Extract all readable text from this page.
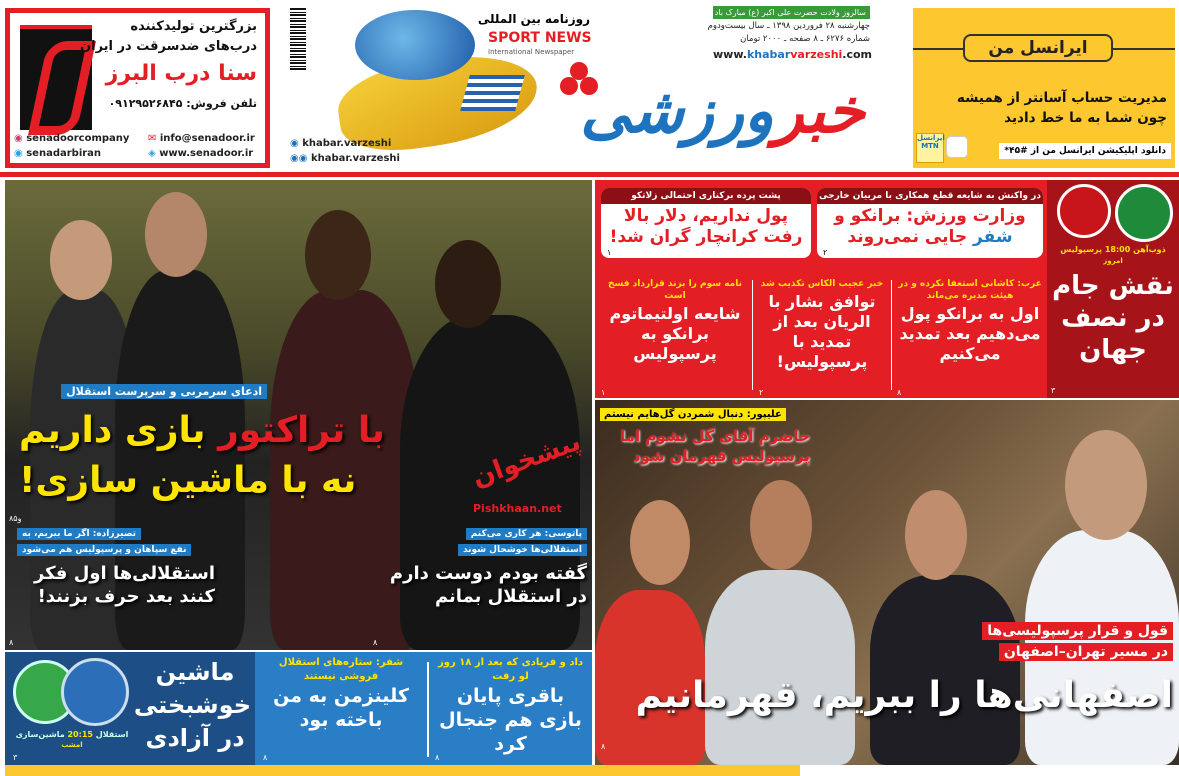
بزرگترین تولیدکننده
درب‌های ضدسرقت در ایران
سنا درب البرز
تلفن فروش: ۰۹۱۲۹۵۲۶۸۴۵
◉ senadoorcompany
◉ senadarbiran
✉ info@senadoor.ir
◈ www.senadoor.ir
روزنامه بین المللی
SPORT NEWS
International Newspaper
◉ khabar.varzeshi
◉◉ khabar.varzeshi
خبرورزشی
سالروز ولادت حضرت علی اکبر (ع) مبارک باد
چهارشنبه ۲۸ فروردین ۱۳۹۸ ـ سال بیست‌ودوم
شماره ۶۲۷۶ ـ ۸ صفحه ـ ۲۰۰۰ تومان
www.khabarvarzeshi.com	ایرانسل من
مدیریت حساب آسانتر از همیشه
چون شما به ما خط دادید
دانلود اپلیکیشن ایرانسل من از #۴۵*
ایرانسل
MTN
ادعای سرمربی و سرپرست استقلال
با تراکتور بازی داریم
نه با ماشین سازی!
۸و۵
پیشخوان
Pishkhaan.net
تصیرزاده: اگر ما ببریم، به
نفع سپاهان و پرسپولیس هم می‌شود
استقلالی‌ها اول فکر کنند بعد حرف بزنند!
۸
پاتوسی: هر کاری می‌کنم
استقلالی‌ها خوشحال شوند
گفته بودم دوست دارم در استقلال بمانم
۸
ذوب‌آهن 18:00 پرسپولیس
امروز
نقش جام در نصف جهان
۳
در واکنش به شایعه قطع همکاری با مربیان خارجی
وزارت ورزش: برانکو و
شفر جایی نمی‌روند
۲
پشت پرده برکناری احتمالی زلاتکو
پول نداریم، دلار بالا رفت کرانچار گران شد!
۱
عرب: کاشانی استعفا نکرده و در هیئت مدیره می‌ماند
اول به برانکو پول می‌دهیم بعد تمدید می‌کنیم
۸
خبر عجیب الکاس تکذیب شد
توافق بشار با الریان بعد از تمدید با پرسپولیس!
۲
نامه سوم را بزند قرارداد فسخ است
شایعه اولتیماتوم برانکو به پرسپولیس
۱
علیپور: دنبال شمردن گل‌هایم نیستم
حاضرم آقای گل نشوم اما پرسپولیس قهرمان شود
قول و قرار پرسپولیسی‌ها
در مسیر تهران–اصفهان
اصفهانی‌ها را ببریم، قهرمانیم
۸
استقلال 20:15 ماشین‌سازی امشب
۳
ماشین خوشبختی در آزادی
شفر: ستاره‌های استقلال فروشی نیستند
کلینزمن به من باخته بود
۸
داد و فریادی که بعد از ۱۸ روز لو رفت
باقری پایان بازی هم جنجال کرد
۸
